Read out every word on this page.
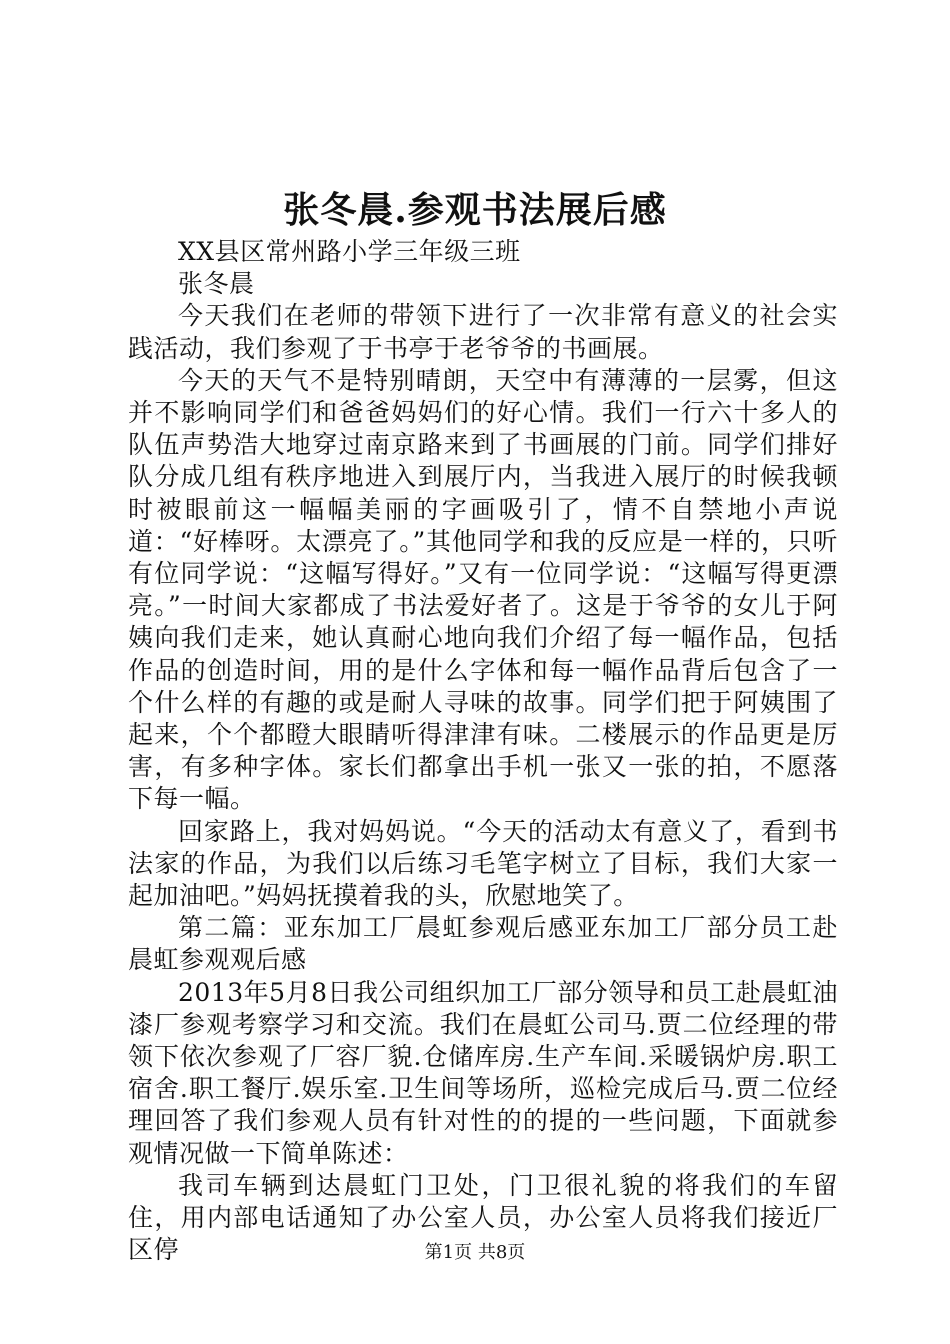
张冬晨.参观书法展后感

XX县区常州路小学三年级三班

张冬晨

今天我们在老师的带领下进行了一次非常有意义的社会实践活动，我们参观了于书亭于老爷爷的书画展。

今天的天气不是特别晴朗，天空中有薄薄的一层雾，但这并不影响同学们和爸爸妈妈们的好心情。我们一行六十多人的队伍声势浩大地穿过南京路来到了书画展的门前。同学们排好队分成几组有秩序地进入到展厅内，当我进入展厅的时候我顿时被眼前这一幅幅美丽的字画吸引了，情不自禁地小声说道：“好棒呀。太漂亮了。”其他同学和我的反应是一样的，只听有位同学说：“这幅写得好。”又有一位同学说：“这幅写得更漂亮。”一时间大家都成了书法爱好者了。这是于爷爷的女儿于阿姨向我们走来，她认真耐心地向我们介绍了每一幅作品，包括作品的创造时间，用的是什么字体和每一幅作品背后包含了一个什么样的有趣的或是耐人寻味的故事。同学们把于阿姨围了起来，个个都瞪大眼睛听得津津有味。二楼展示的作品更是厉害，有多种字体。家长们都拿出手机一张又一张的拍，不愿落下每一幅。

回家路上，我对妈妈说。“今天的活动太有意义了，看到书法家的作品，为我们以后练习毛笔字树立了目标，我们大家一起加油吧。”妈妈抚摸着我的头，欣慰地笑了。

第二篇：亚东加工厂晨虹参观后感亚东加工厂部分员工赴晨虹参观观后感

2013年5月8日我公司组织加工厂部分领导和员工赴晨虹油漆厂参观考察学习和交流。我们在晨虹公司马.贾二位经理的带领下依次参观了厂容厂貌.仓储库房.生产车间.采暖锅炉房.职工宿舍.职工餐厅.娱乐室.卫生间等场所，巡检完成后马.贾二位经理回答了我们参观人员有针对性的的提的一些问题，下面就参观情况做一下简单陈述：

我司车辆到达晨虹门卫处，门卫很礼貌的将我们的车留住，用内部电话通知了办公室人员，办公室人员将我们接近厂区停	第1页 共8页
